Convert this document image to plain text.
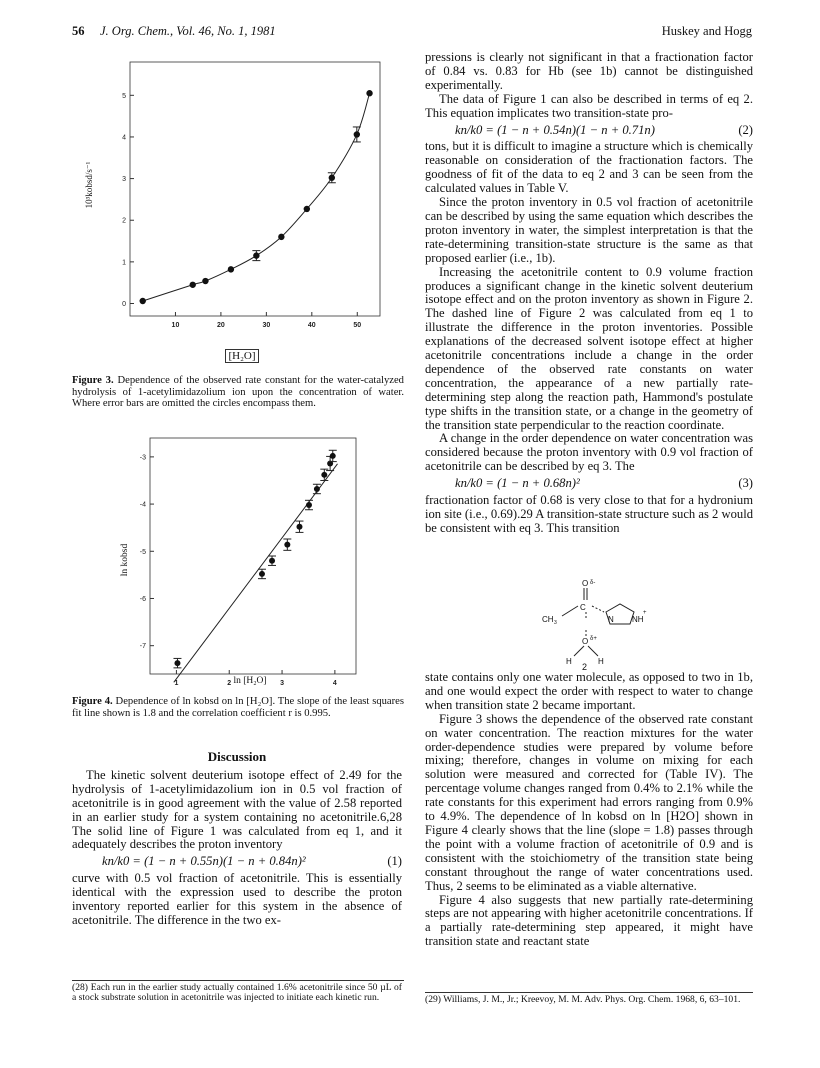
56 J. Org. Chem., Vol. 46, No. 1, 1981	Huskey and Hogg
10	20	30	40	50
0
1
2
3
4
5
[H₂O]
10³kobsd/s⁻¹
Figure 3. Dependence of the observed rate constant for the water-catalyzed hydrolysis of 1-acetylimidazolium ion upon the concentration of water. Where error bars are omitted the circles encompass them.
1	2	3	4
-3
-4
-5
-6
-7
ln [H₂O]
ln kobsd
Figure 4. Dependence of ln kobsd on ln [H₂O]. The slope of the least squares fit line shown is 1.8 and the correlation coefficient r is 0.995.
Discussion

The kinetic solvent deuterium isotope effect of 2.49 for the hydrolysis of 1-acetylimidazolium ion in 0.5 vol fraction of acetonitrile is in good agreement with the value of 2.58 reported in an earlier study for a system containing no acetonitrile.6,28 The solid line of Figure 1 was calculated from eq 1, and it adequately describes the proton inventory

kn/k0 = (1 − n + 0.55n)(1 − n + 0.84n)²	(1)

curve with 0.5 vol fraction of acetonitrile. This is essentially identical with the expression used to describe the proton inventory reported earlier for this system in the absence of acetonitrile. The difference in the two ex-

(28) Each run in the earlier study actually contained 1.6% acetonitrile since 50 µL of a stock substrate solution in acetonitrile was injected to initiate each kinetic run.

pressions is clearly not significant in that a fractionation factor of 0.84 vs. 0.83 for Hb (see 1b) cannot be distinguished experimentally.

The data of Figure 1 can also be described in terms of eq 2. This equation implicates two transition-state pro-

kn/k0 = (1 − n + 0.54n)(1 − n + 0.71n)	(2)

tons, but it is difficult to imagine a structure which is chemically reasonable on consideration of the fractionation factors. The goodness of fit of the data to eq 2 and 3 can be seen from the calculated values in Table V.

Since the proton inventory in 0.5 vol fraction of acetonitrile can be described by using the same equation which describes the proton inventory in water, the simplest interpretation is that the rate-determining transition-state structure is the same as that proposed earlier (i.e., 1b).

Increasing the acetonitrile content to 0.9 volume fraction produces a significant change in the kinetic solvent deuterium isotope effect and on the proton inventory as shown in Figure 2. The dashed line of Figure 2 was calculated from eq 1 to illustrate the difference in the proton inventories. Possible explanations of the decreased solvent isotope effect at higher acetonitrile concentrations include a change in the order dependence of the observed rate constants on water concentration, the appearance of a new partially rate-determining step along the reaction path, Hammond's postulate type shifts in the transition state, or a change in the geometry of the transition state perpendicular to the reaction coordinate.

A change in the order dependence on water concentration was considered because the proton inventory with 0.9 vol fraction of acetonitrile can be described by eq 3. The

kn/k0 = (1 − n + 0.68n)²	(3)

fractionation factor of 0.68 is very close to that for a hydronium ion site (i.e., 0.69).29 A transition-state structure such as 2 would be consistent with eq 3. This transition

O δ-
C
CH 3	N NH
+
O δ+
H	H
2

state contains only one water molecule, as opposed to two in 1b, and one would expect the order with respect to water to change when transition state 2 became important.

Figure 3 shows the dependence of the observed rate constant on water concentration. The reaction mixtures for the water order-dependence studies were prepared by volume before mixing; therefore, changes in volume on mixing for each solution were measured and corrected for (Table IV). The percentage volume changes ranged from 0.4% to 2.1% while the rate constants for this experiment had errors ranging from 0.9% to 4.9%. The dependence of ln kobsd on ln [H2O] shown in Figure 4 clearly shows that the line (slope = 1.8) passes through the point with a volume fraction of acetonitrile of 0.9 and is consistent with the stoichiometry of the transition state being constant throughout the range of water concentrations used. Thus, 2 seems to be eliminated as a viable alternative.

Figure 4 also suggests that new partially rate-determining steps are not appearing with higher acetonitrile concentrations. If a partially rate-determining step appeared, it might have transition state and reactant state

(29) Williams, J. M., Jr.; Kreevoy, M. M. Adv. Phys. Org. Chem. 1968, 6, 63–101.
